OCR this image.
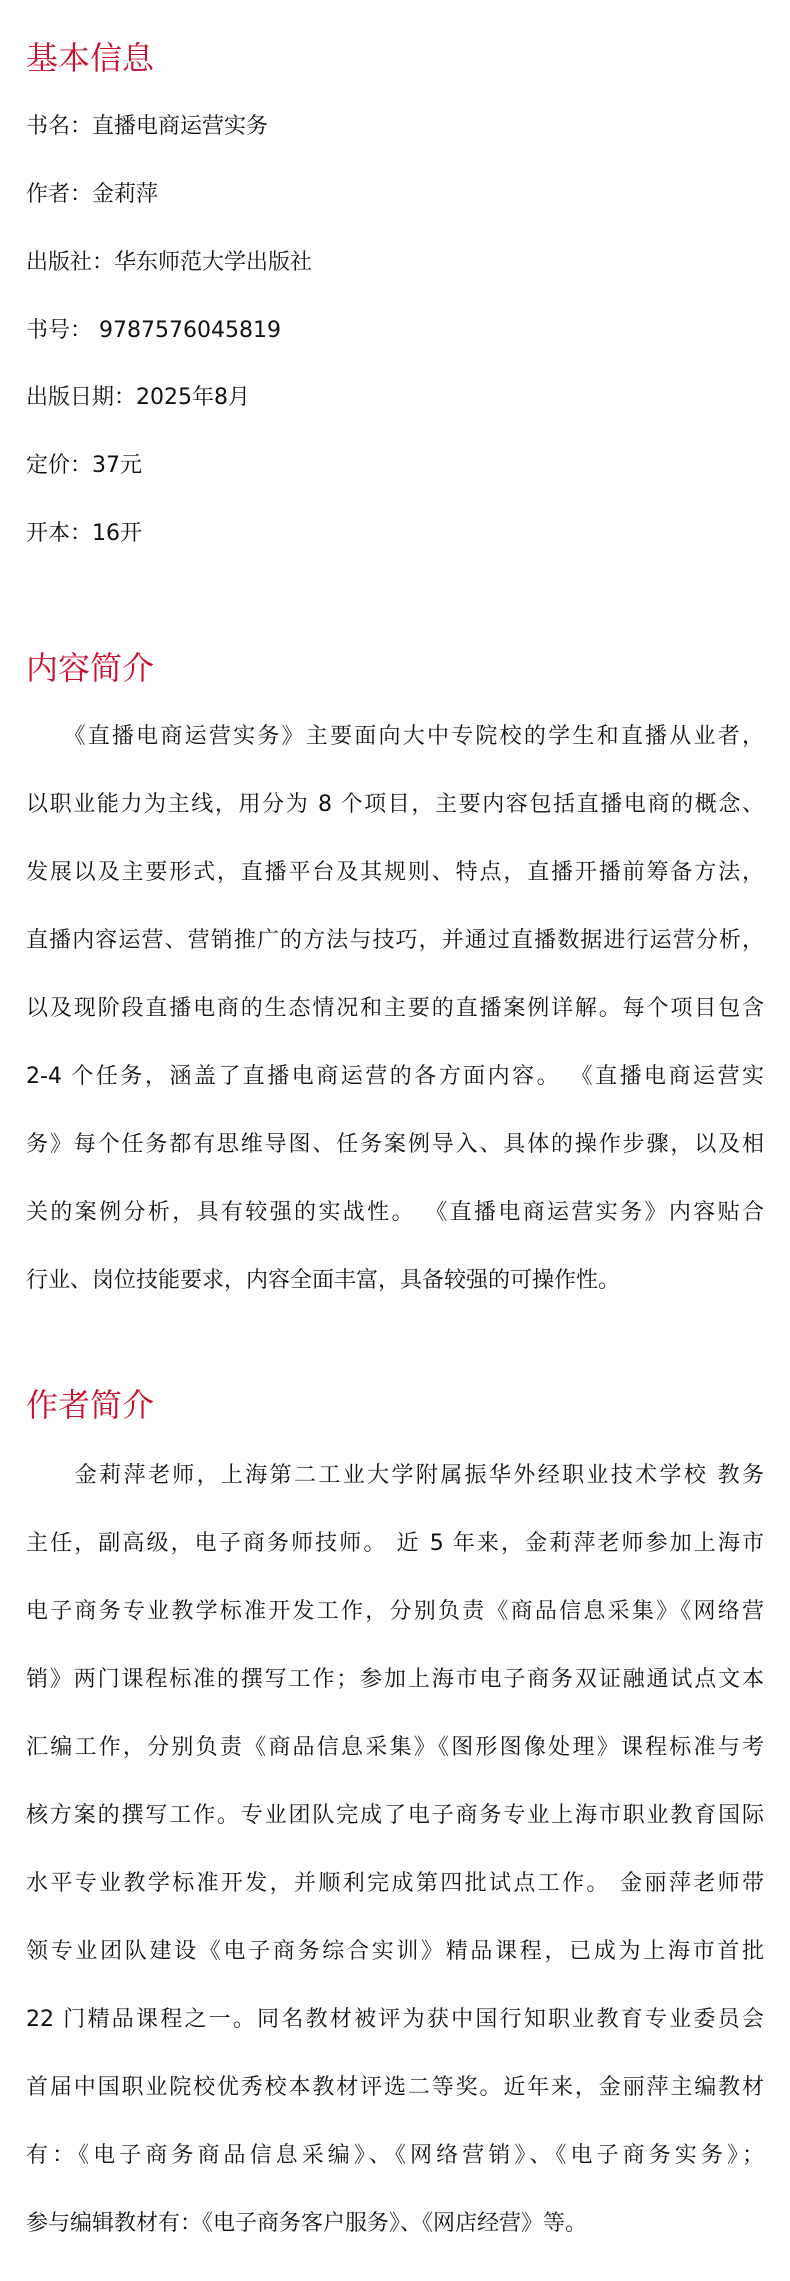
基本信息

书名：直播电商运营实务

作者：金莉萍

出版社：华东师范大学出版社

书号： 9787576045819

出版日期：2025年8月

定价：37元

开本：16开

内容简介
　　《直播电商运营实务》主要面向大中专院校的学生和直播从业者，
以职业能力为主线，用分为 8 个项目，主要内容包括直播电商的概念、
发展以及主要形式，直播平台及其规则、特点，直播开播前筹备方法，
直播内容运营、营销推广的方法与技巧，并通过直播数据进行运营分析，
以及现阶段直播电商的生态情况和主要的直播案例详解。每个项目包含
2-4 个任务，涵盖了直播电商运营的各方面内容。 《直播电商运营实
务》每个任务都有思维导图、任务案例导入、具体的操作步骤，以及相
关的案例分析，具有较强的实战性。 《直播电商运营实务》内容贴合
行业、岗位技能要求，内容全面丰富，具备较强的可操作性。
作者简介
　　金莉萍老师，上海第二工业大学附属振华外经职业技术学校 教务
主任，副高级，电子商务师技师。 近 5 年来，金莉萍老师参加上海市
电子商务专业教学标准开发工作，分别负责《商品信息采集》《网络营
销》两门课程标准的撰写工作；参加上海市电子商务双证融通试点文本
汇编工作，分别负责《商品信息采集》《图形图像处理》课程标准与考
核方案的撰写工作。专业团队完成了电子商务专业上海市职业教育国际
水平专业教学标准开发，并顺利完成第四批试点工作。 金丽萍老师带
领专业团队建设《电子商务综合实训》精品课程，已成为上海市首批
22 门精品课程之一。同名教材被评为获中国行知职业教育专业委员会
首届中国职业院校优秀校本教材评选二等奖。近年来，金丽萍主编教材
有：《电子商务商品信息采编》、《网络营销》、《电子商务实务》；
参与编辑教材有：《电子商务客户服务》、《网店经营》等。
